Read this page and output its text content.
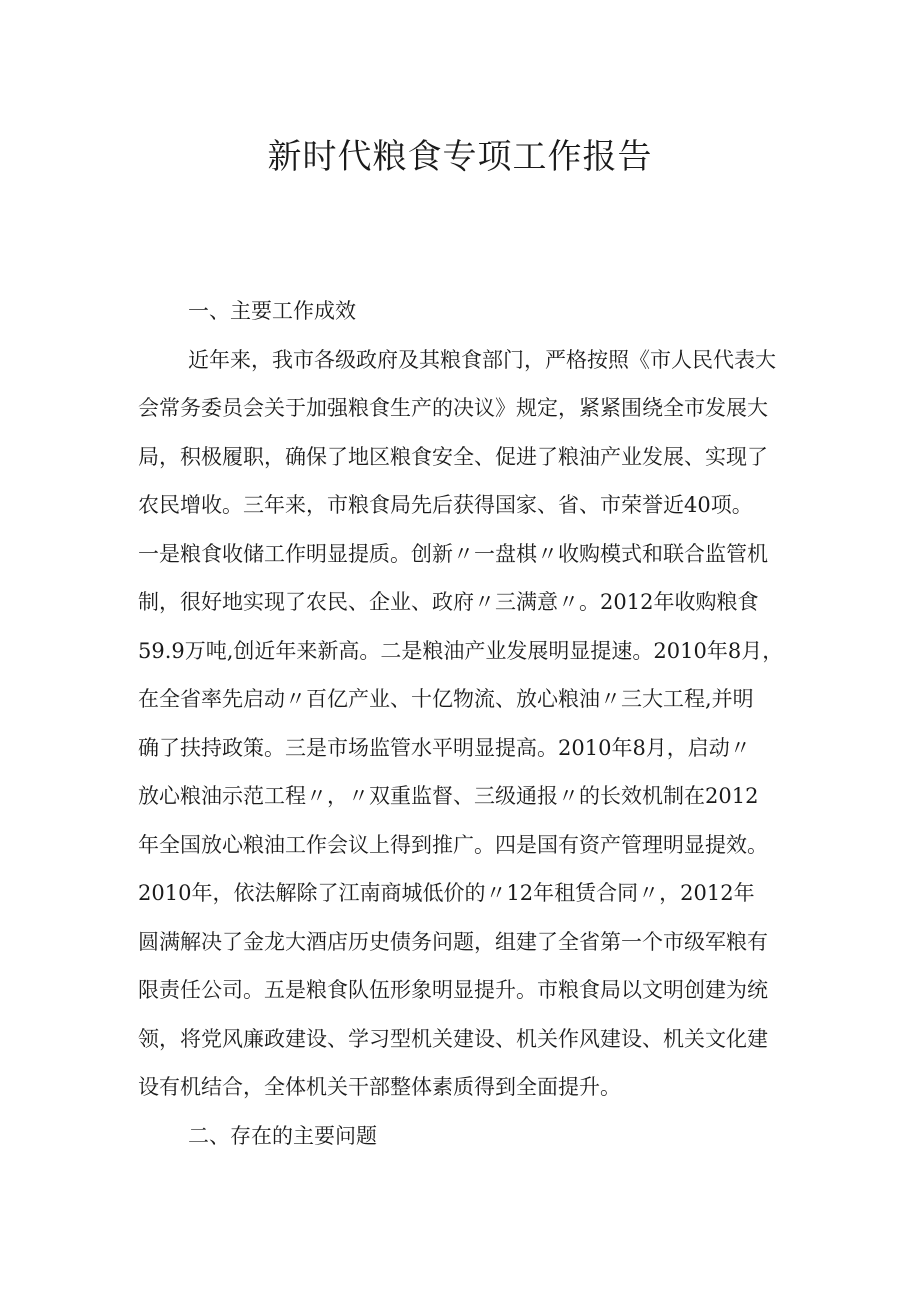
新时代粮食专项工作报告
一、主要工作成效
近年来，我市各级政府及其粮食部门，严格按照《市人民代表大
会常务委员会关于加强粮食生产的决议》规定，紧紧围绕全市发展大
局，积极履职，确保了地区粮食安全、促进了粮油产业发展、实现了
农民增收。三年来，市粮食局先后获得国家、省、市荣誉近40项。
一是粮食收储工作明显提质。创新〃一盘棋〃收购模式和联合监管机
制，很好地实现了农民、企业、政府〃三满意〃。2012年收购粮食
59.9万吨,创近年来新高。二是粮油产业发展明显提速。2010年8月，
在全省率先启动〃百亿产业、十亿物流、放心粮油〃三大工程,并明
确了扶持政策。三是市场监管水平明显提高。2010年8月，启动〃
放心粮油示范工程〃，〃双重监督、三级通报〃的长效机制在2012
年全国放心粮油工作会议上得到推广。四是国有资产管理明显提效。
2010年，依法解除了江南商城低价的〃12年租赁合同〃，2012年
圆满解决了金龙大酒店历史债务问题，组建了全省第一个市级军粮有
限责任公司。五是粮食队伍形象明显提升。市粮食局以文明创建为统
领，将党风廉政建设、学习型机关建设、机关作风建设、机关文化建
设有机结合，全体机关干部整体素质得到全面提升。
二、存在的主要问题
